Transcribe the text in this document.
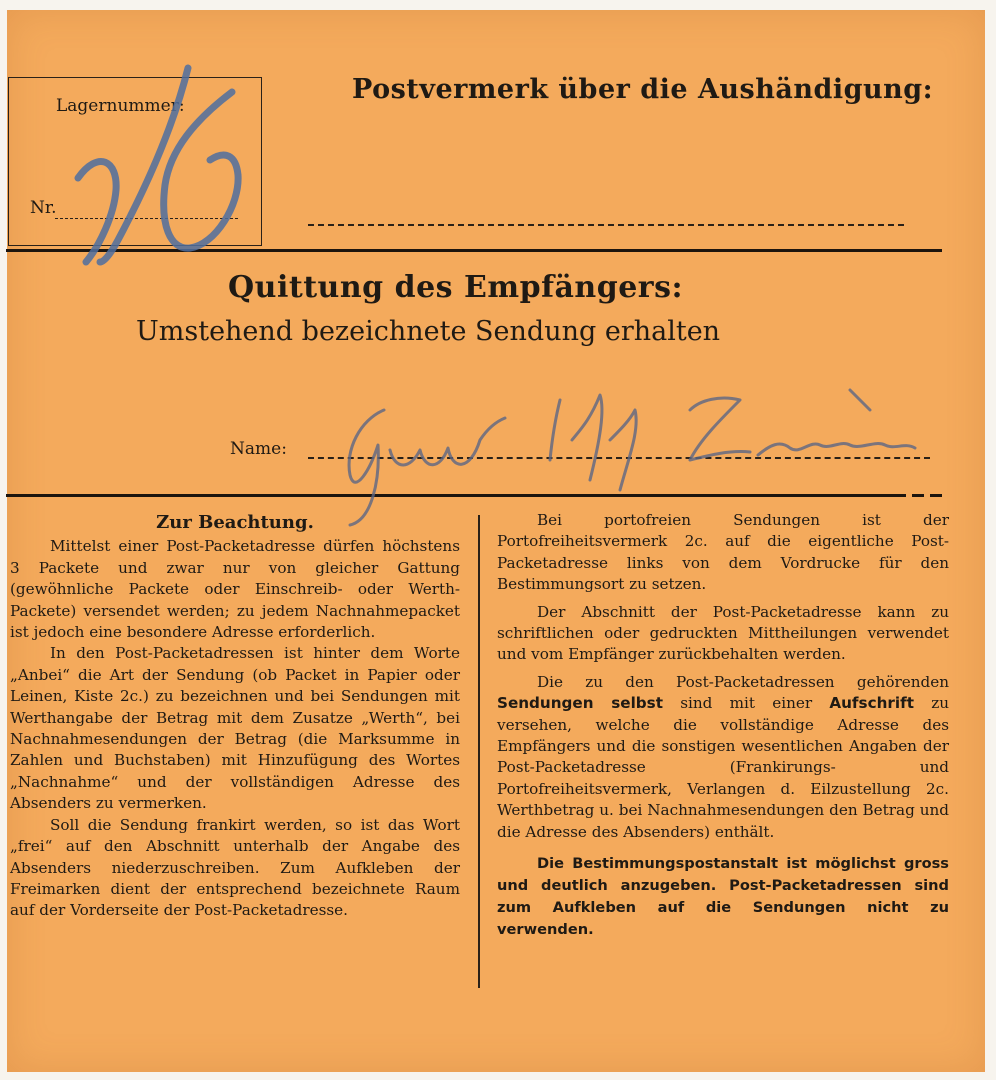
Lagernummer:
Nr.
Postvermerk über die Aushändigung:
Quittung des Empfängers:
Umstehend bezeichnete Sendung erhalten
Name:
Zur Beachtung.

Mittelst einer Post-Packetadresse dürfen höchstens 3 Packete und zwar nur von gleicher Gattung (gewöhnliche Packete oder Einschreib- oder Werth-Packete) versendet werden; zu jedem Nachnahmepacket ist jedoch eine besondere Adresse erforderlich.

In den Post-Packetadressen ist hinter dem Worte „Anbei“ die Art der Sendung (ob Packet in Papier oder Leinen, Kiste 2c.) zu bezeichnen und bei Sendungen mit Werthangabe der Betrag mit dem Zusatze „Werth“, bei Nachnahmesendungen der Betrag (die Marksumme in Zahlen und Buchstaben) mit Hinzufügung des Wortes „Nachnahme“ und der vollständigen Adresse des Absenders zu vermerken.

Soll die Sendung frankirt werden, so ist das Wort „frei“ auf den Abschnitt unterhalb der Angabe des Absenders niederzuschreiben. Zum Aufkleben der Freimarken dient der entsprechend bezeichnete Raum auf der Vorderseite der Post-Packetadresse.

Bei portofreien Sendungen ist der Portofreiheitsvermerk 2c. auf die eigentliche Post-Packetadresse links von dem Vordrucke für den Bestimmungsort zu setzen.

Der Abschnitt der Post-Packetadresse kann zu schriftlichen oder gedruckten Mittheilungen verwendet und vom Empfänger zurückbehalten werden.

Die zu den Post-Packetadressen gehörenden Sendungen selbst sind mit einer Aufschrift zu versehen, welche die vollständige Adresse des Empfängers und die sonstigen wesentlichen Angaben der Post-Packetadresse (Frankirungs- und Portofreiheitsvermerk, Verlangen d. Eilzustellung 2c. Werthbetrag u. bei Nachnahmesendungen den Betrag und die Adresse des Absenders) enthält.

Die Bestimmungspostanstalt ist möglichst gross und deutlich anzugeben. Post-Packetadressen sind zum Aufkleben auf die Sendungen nicht zu verwenden.
